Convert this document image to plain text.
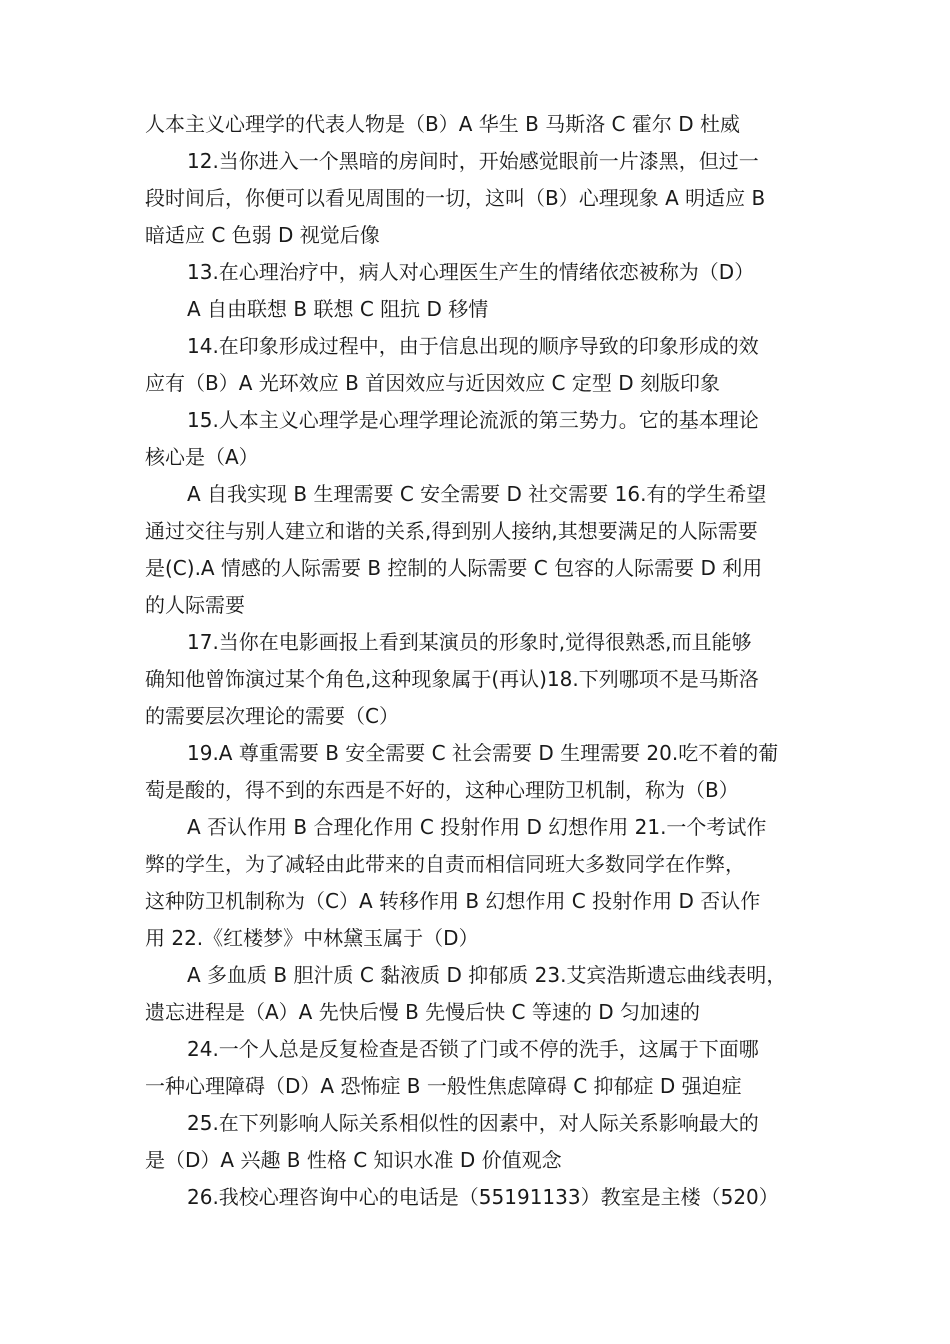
人本主义心理学的代表人物是（B）A 华生 B 马斯洛 C 霍尔 D 杜威
12.当你进入一个黑暗的房间时，开始感觉眼前一片漆黑，但过一
段时间后，你便可以看见周围的一切，这叫（B）心理现象 A 明适应 B
暗适应 C 色弱 D 视觉后像
13.在心理治疗中，病人对心理医生产生的情绪依恋被称为（D）
A 自由联想 B 联想 C 阻抗 D 移情
14.在印象形成过程中，由于信息出现的顺序导致的印象形成的效
应有（B）A 光环效应 B 首因效应与近因效应 C 定型 D 刻版印象
15.人本主义心理学是心理学理论流派的第三势力。它的基本理论
核心是（A）
A 自我实现 B 生理需要 C 安全需要 D 社交需要 16.有的学生希望
通过交往与别人建立和谐的关系,得到别人接纳,其想要满足的人际需要
是(C).A 情感的人际需要 B 控制的人际需要 C 包容的人际需要 D 利用
的人际需要
17.当你在电影画报上看到某演员的形象时,觉得很熟悉,而且能够
确知他曾饰演过某个角色,这种现象属于(再认)18.下列哪项不是马斯洛
的需要层次理论的需要（C）
19.A 尊重需要 B 安全需要 C 社会需要 D 生理需要 20.吃不着的葡
萄是酸的，得不到的东西是不好的，这种心理防卫机制，称为（B）
A 否认作用 B 合理化作用 C 投射作用 D 幻想作用 21.一个考试作
弊的学生，为了减轻由此带来的自责而相信同班大多数同学在作弊，
这种防卫机制称为（C）A 转移作用 B 幻想作用 C 投射作用 D 否认作
用 22.《红楼梦》中林黛玉属于（D）
A 多血质 B 胆汁质 C 黏液质 D 抑郁质 23.艾宾浩斯遗忘曲线表明，
遗忘进程是（A）A 先快后慢 B 先慢后快 C 等速的 D 匀加速的
24.一个人总是反复检查是否锁了门或不停的洗手，这属于下面哪
一种心理障碍（D）A 恐怖症 B 一般性焦虑障碍 C 抑郁症 D 强迫症
25.在下列影响人际关系相似性的因素中，对人际关系影响最大的
是（D）A 兴趣 B 性格 C 知识水准 D 价值观念
26.我校心理咨询中心的电话是（55191133）教室是主楼（520）
